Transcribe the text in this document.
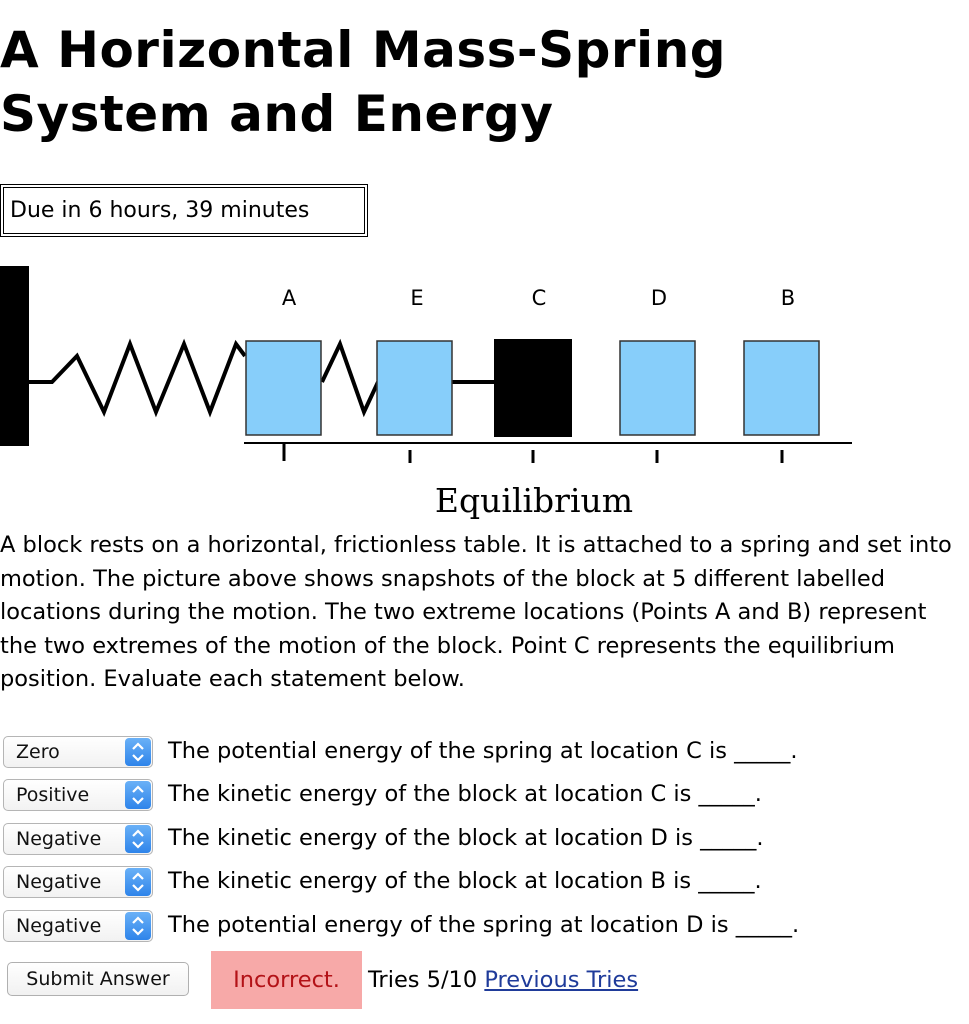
A Horizontal Mass-Spring
System and Energy
Due in 6 hours, 39 minutes
A	E	C	D	B
Equilibrium

A block rests on a horizontal, frictionless table. It is attached to a spring and set into motion. The picture above shows snapshots of the block at 5 different labelled locations during the motion. The two extreme locations (Points A and B) represent the two extremes of the motion of the block. Point C represents the equilibrium position. Evaluate each statement below.

Zero	The potential energy of the spring at location C is _____.
Positive	The kinetic energy of the block at location C is _____.
Negative	The kinetic energy of the block at location D is _____.
Negative	The kinetic energy of the block at location B is _____.
Negative	The potential energy of the spring at location D is _____.
Submit Answer	Incorrect.	Tries 5/10 Previous Tries
